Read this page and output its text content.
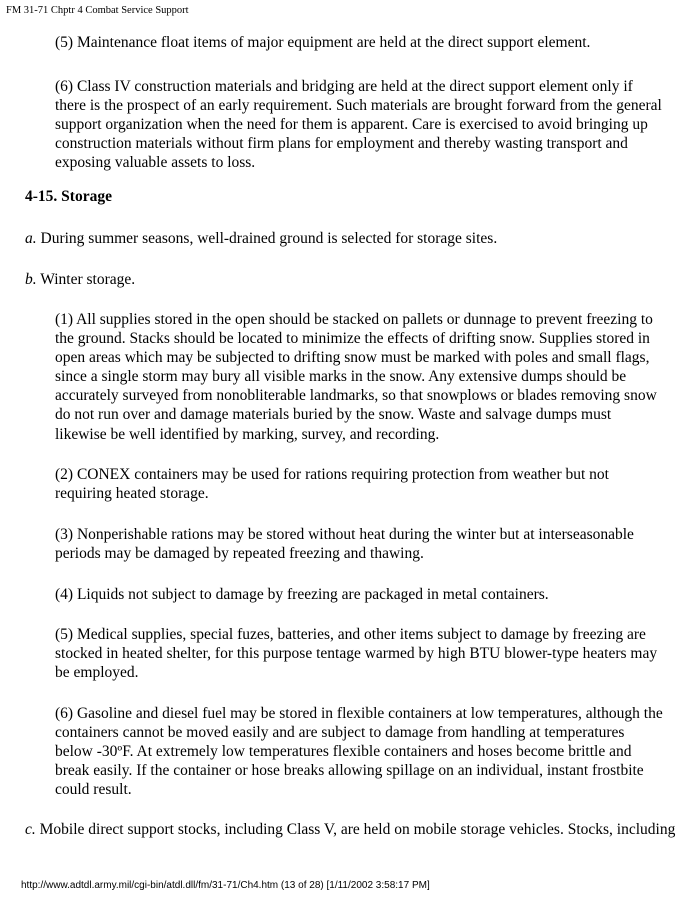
FM 31-71 Chptr 4 Combat Service Support
(5) Maintenance float items of major equipment are held at the direct support element.
(6) Class IV construction materials and bridging are held at the direct support element only if
there is the prospect of an early requirement. Such materials are brought forward from the general
support organization when the need for them is apparent. Care is exercised to avoid bringing up
construction materials without firm plans for employment and thereby wasting transport and
exposing valuable assets to loss.
4-15. Storage
a. During summer seasons, well-drained ground is selected for storage sites.
b. Winter storage.
(1) All supplies stored in the open should be stacked on pallets or dunnage to prevent freezing to
the ground. Stacks should be located to minimize the effects of drifting snow. Supplies stored in
open areas which may be subjected to drifting snow must be marked with poles and small flags,
since a single storm may bury all visible marks in the snow. Any extensive dumps should be
accurately surveyed from nonobliterable landmarks, so that snowplows or blades removing snow
do not run over and damage materials buried by the snow. Waste and salvage dumps must
likewise be well identified by marking, survey, and recording.
(2) CONEX containers may be used for rations requiring protection from weather but not
requiring heated storage.
(3) Nonperishable rations may be stored without heat during the winter but at interseasonable
periods may be damaged by repeated freezing and thawing.
(4) Liquids not subject to damage by freezing are packaged in metal containers.
(5) Medical supplies, special fuzes, batteries, and other items subject to damage by freezing are
stocked in heated shelter, for this purpose tentage warmed by high BTU blower-type heaters may
be employed.
(6) Gasoline and diesel fuel may be stored in flexible containers at low temperatures, although the
containers cannot be moved easily and are subject to damage from handling at temperatures
below -30ºF. At extremely low temperatures flexible containers and hoses become brittle and
break easily. If the container or hose breaks allowing spillage on an individual, instant frostbite
could result.
c. Mobile direct support stocks, including Class V, are held on mobile storage vehicles. Stocks, including
http://www.adtdl.army.mil/cgi-bin/atdl.dll/fm/31-71/Ch4.htm (13 of 28) [1/11/2002 3:58:17 PM]
